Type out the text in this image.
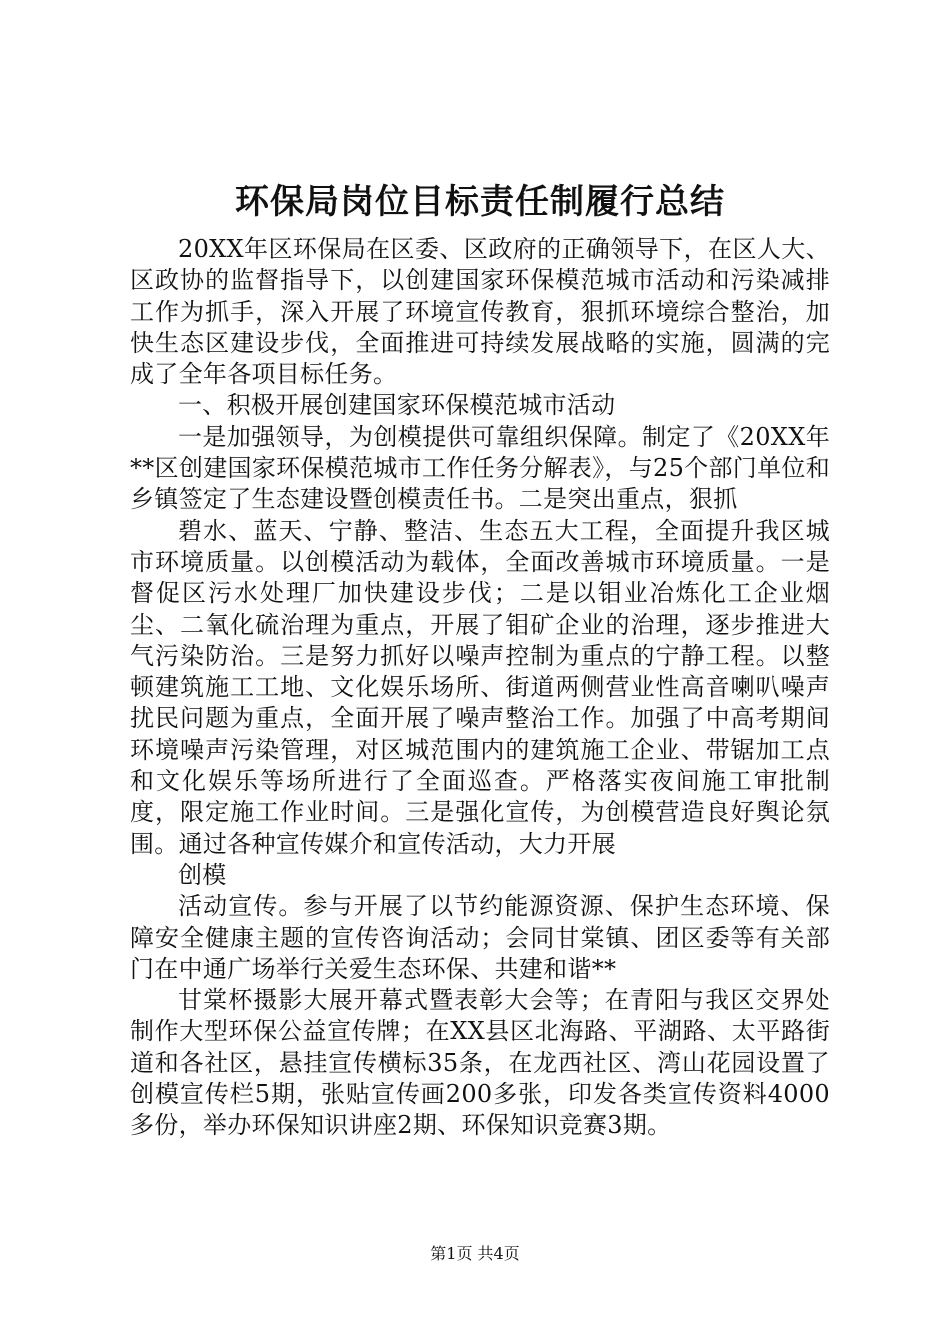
环保局岗位目标责任制履行总结

20XX年区环保局在区委、区政府的正确领导下，在区人大、区政协的监督指导下，以创建国家环保模范城市活动和污染减排工作为抓手，深入开展了环境宣传教育，狠抓环境综合整治，加快生态区建设步伐，全面推进可持续发展战略的实施，圆满的完成了全年各项目标任务。

一、积极开展创建国家环保模范城市活动

一是加强领导，为创模提供可靠组织保障。制定了《20XX年**区创建国家环保模范城市工作任务分解表》，与25个部门单位和乡镇签定了生态建设暨创模责任书。二是突出重点，狠抓

碧水、蓝天、宁静、整洁、生态五大工程，全面提升我区城市环境质量。以创模活动为载体，全面改善城市环境质量。一是督促区污水处理厂加快建设步伐；二是以钼业冶炼化工企业烟尘、二氧化硫治理为重点，开展了钼矿企业的治理，逐步推进大气污染防治。三是努力抓好以噪声控制为重点的宁静工程。以整顿建筑施工工地、文化娱乐场所、街道两侧营业性高音喇叭噪声扰民问题为重点，全面开展了噪声整治工作。加强了中高考期间环境噪声污染管理，对区城范围内的建筑施工企业、带锯加工点和文化娱乐等场所进行了全面巡查。严格落实夜间施工审批制度，限定施工作业时间。三是强化宣传，为创模营造良好舆论氛围。通过各种宣传媒介和宣传活动，大力开展

创模

活动宣传。参与开展了以节约能源资源、保护生态环境、保障安全健康主题的宣传咨询活动；会同甘棠镇、团区委等有关部门在中通广场举行关爱生态环保、共建和谐**

甘棠杯摄影大展开幕式暨表彰大会等；在青阳与我区交界处制作大型环保公益宣传牌；在XX县区北海路、平湖路、太平路街道和各社区，悬挂宣传横标35条，在龙西社区、湾山花园设置了创模宣传栏5期，张贴宣传画200多张，印发各类宣传资料4000多份，举办环保知识讲座2期、环保知识竞赛3期。

第1页 共4页
